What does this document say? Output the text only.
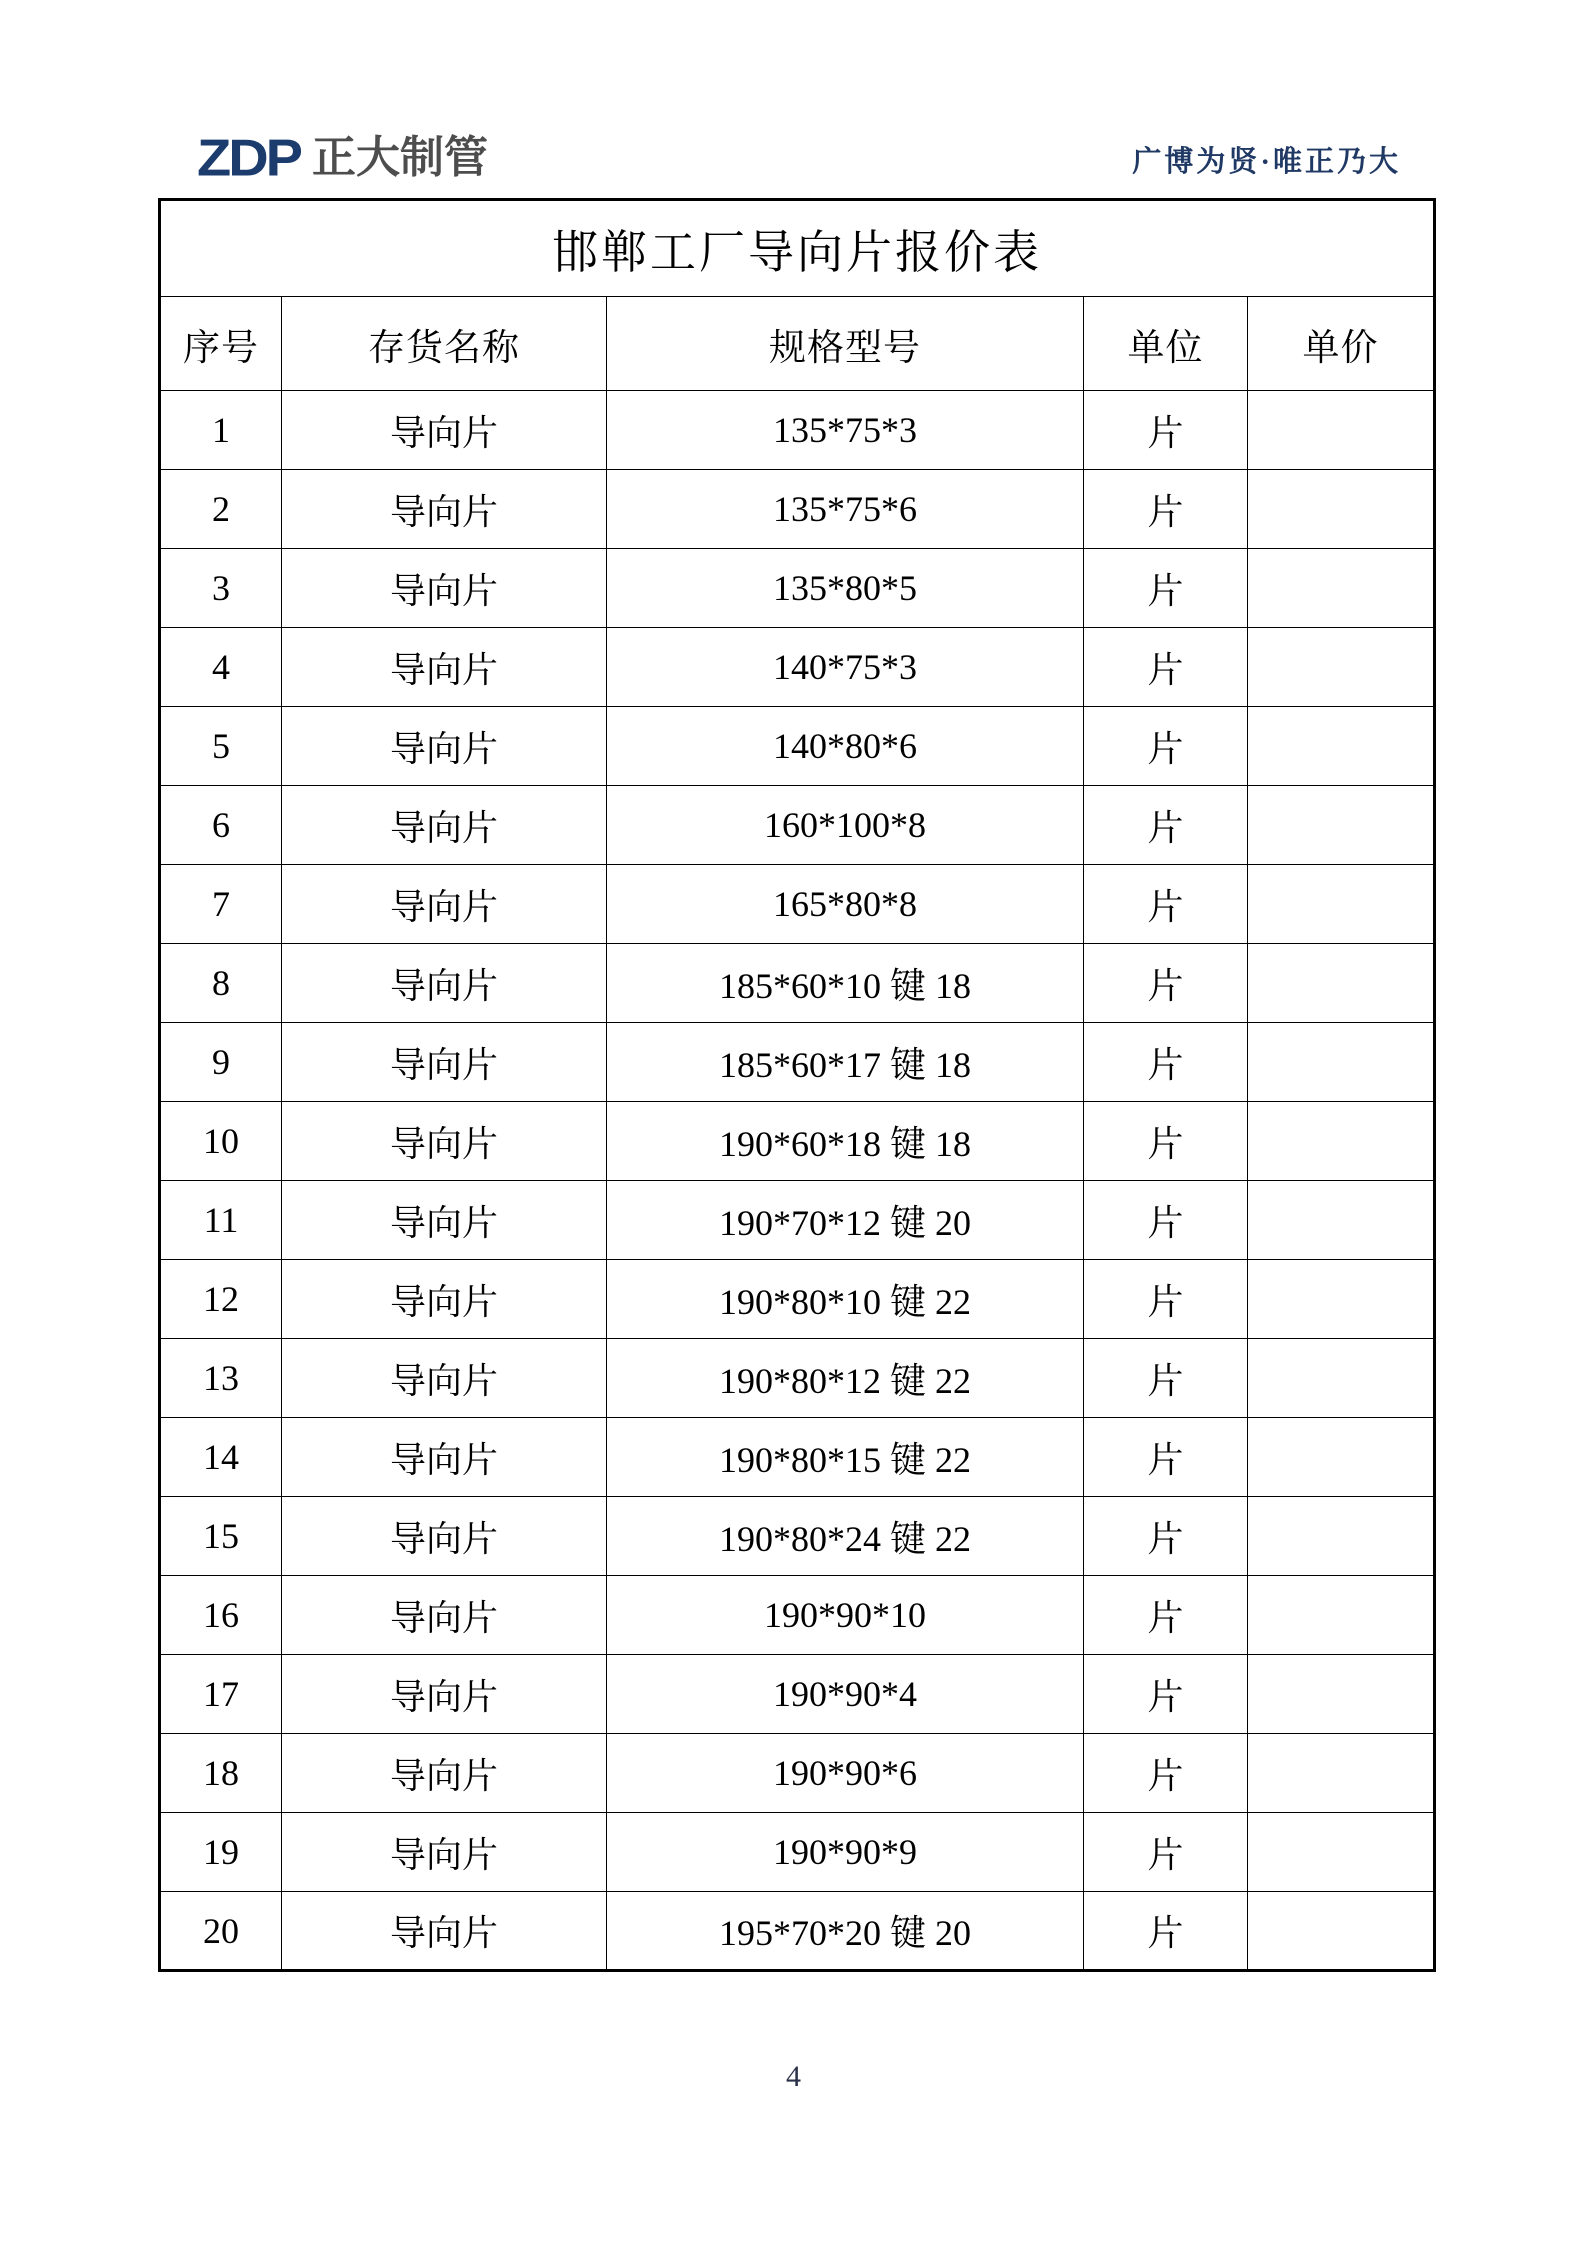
ZDP 正大制管	广博为贤·唯正乃大
邯郸工厂导向片报价表				
序号	存货名称	规格型号	单位	单价
1	导向片	135*75*3	片	
2	导向片	135*75*6	片	
3	导向片	135*80*5	片	
4	导向片	140*75*3	片	
5	导向片	140*80*6	片	
6	导向片	160*100*8	片	
7	导向片	165*80*8	片	
8	导向片	185*60*10 键 18	片	
9	导向片	185*60*17 键 18	片	
10	导向片	190*60*18 键 18	片	
11	导向片	190*70*12 键 20	片	
12	导向片	190*80*10 键 22	片	
13	导向片	190*80*12 键 22	片	
14	导向片	190*80*15 键 22	片	
15	导向片	190*80*24 键 22	片	
16	导向片	190*90*10	片	
17	导向片	190*90*4	片	
18	导向片	190*90*6	片	
19	导向片	190*90*9	片	
20	导向片	195*70*20 键 20	片	
4
